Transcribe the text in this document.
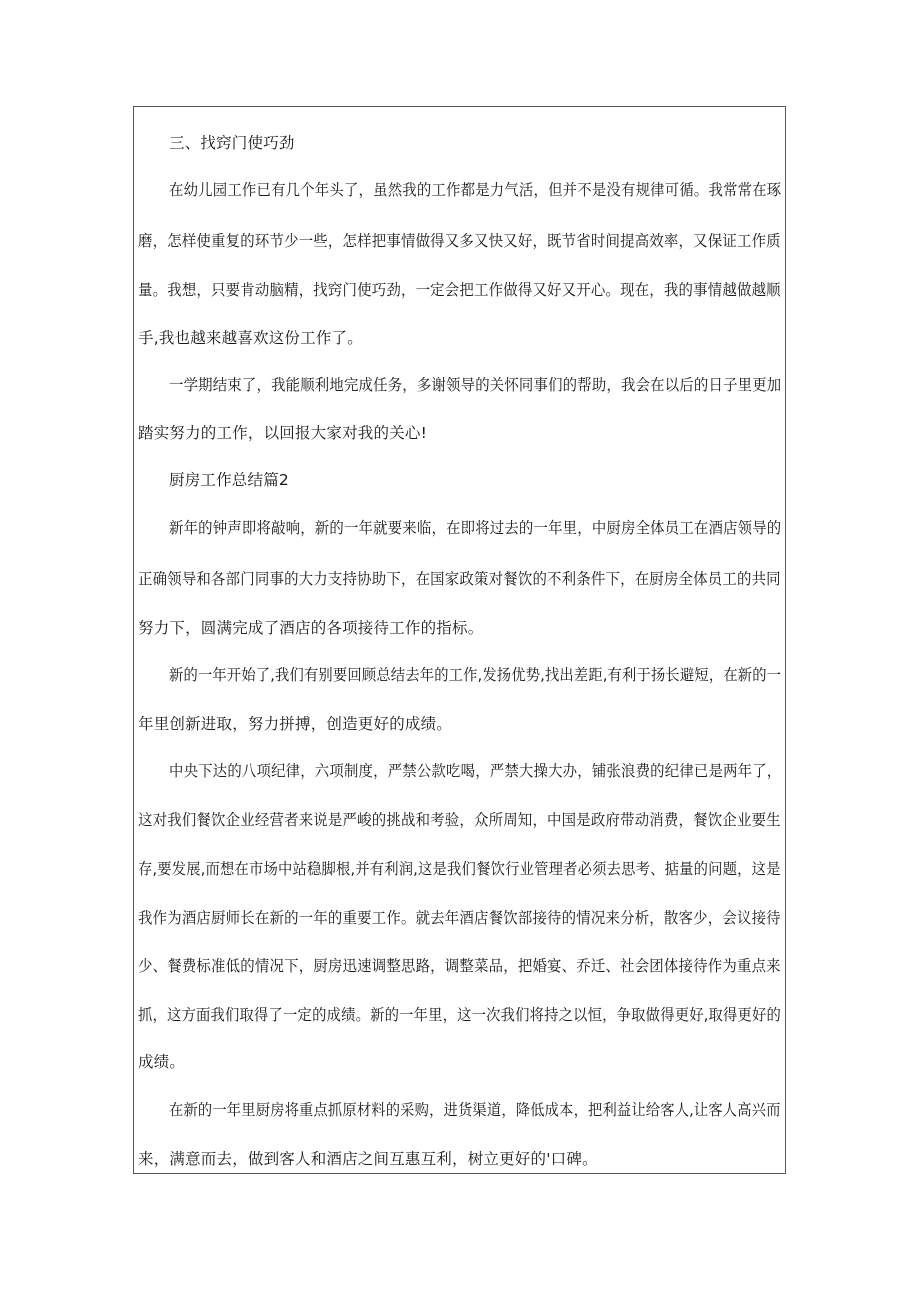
三、找窍门使巧劲
在幼儿园工作已有几个年头了，虽然我的工作都是力气活，但并不是没有规律可循。我常常在琢
磨，怎样使重复的环节少一些，怎样把事情做得又多又快又好，既节省时间提高效率，又保证工作质
量。我想，只要肯动脑精，找窍门使巧劲，一定会把工作做得又好又开心。现在，我的事情越做越顺
手,我也越来越喜欢这份工作了。
一学期结束了，我能顺利地完成任务，多谢领导的关怀同事们的帮助，我会在以后的日子里更加
踏实努力的工作，以回报大家对我的关心!
厨房工作总结篇2
新年的钟声即将敲响，新的一年就要来临，在即将过去的一年里，中厨房全体员工在酒店领导的
正确领导和各部门同事的大力支持协助下，在国家政策对餐饮的不利条件下，在厨房全体员工的共同
努力下，圆满完成了酒店的各项接待工作的指标。
新的一年开始了,我们有别要回顾总结去年的工作,发扬优势,找出差距,有利于扬长避短，在新的一
年里创新进取，努力拼搏，创造更好的成绩。
中央下达的八项纪律，六项制度，严禁公款吃喝，严禁大操大办，铺张浪费的纪律已是两年了，
这对我们餐饮企业经营者来说是严峻的挑战和考验，众所周知，中国是政府带动消费，餐饮企业要生
存,要发展,而想在市场中站稳脚根,并有利润,这是我们餐饮行业管理者必须去思考、掂量的问题，这是
我作为酒店厨师长在新的一年的重要工作。就去年酒店餐饮部接待的情况来分析，散客少，会议接待
少、餐费标准低的情况下，厨房迅速调整思路，调整菜品，把婚宴、乔迁、社会团体接待作为重点来
抓，这方面我们取得了一定的成绩。新的一年里，这一次我们将持之以恒，争取做得更好,取得更好的
成绩。
在新的一年里厨房将重点抓原材料的采购，进货渠道，降低成本，把利益让给客人,让客人高兴而
来，满意而去，做到客人和酒店之间互惠互利，树立更好的'口碑。
